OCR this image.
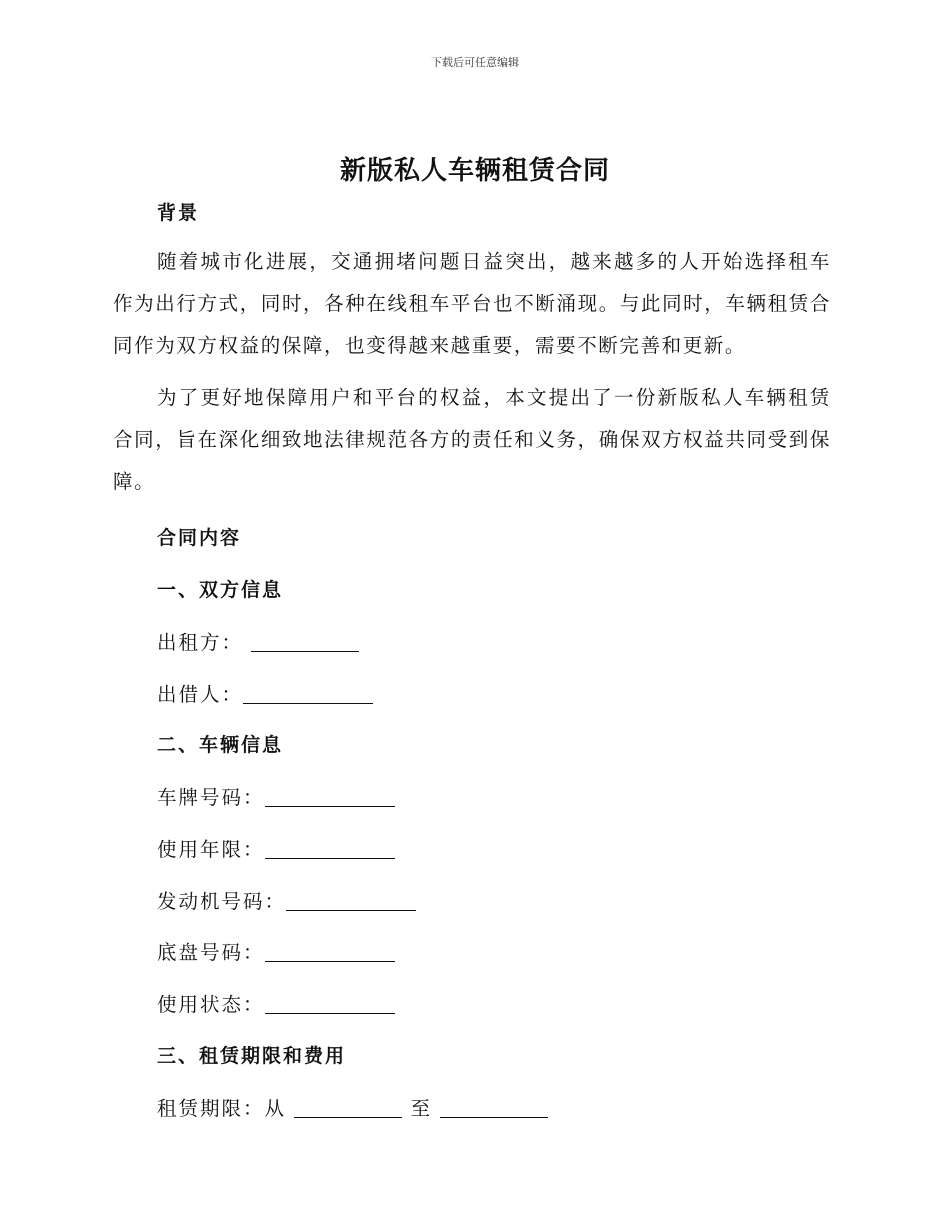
下载后可任意编辑
新版私人车辆租赁合同
背景
随着城市化进展，交通拥堵问题日益突出，越来越多的人开始选择租车作为出行方式，同时，各种在线租车平台也不断涌现。与此同时，车辆租赁合同作为双方权益的保障，也变得越来越重要，需要不断完善和更新。
为了更好地保障用户和平台的权益，本文提出了一份新版私人车辆租赁合同，旨在深化细致地法律规范各方的责任和义务，确保双方权益共同受到保障。
合同内容
一、双方信息
出租方：
出借人：
二、车辆信息
车牌号码：
使用年限：
发动机号码：
底盘号码：
使用状态：
三、租赁期限和费用
租赁期限：从	至
